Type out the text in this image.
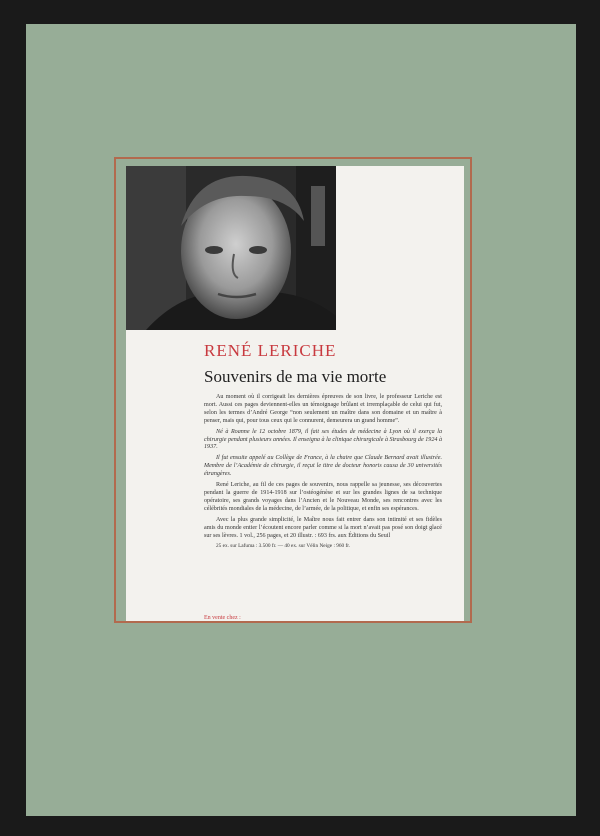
RENÉ LERICHE
Souvenirs de ma vie morte

Au moment où il corrigeait les dernières épreuves de son livre, le professeur Leriche est mort. Aussi ces pages deviennent-elles un témoignage brûlant et irremplaçable de celui qui fut, selon les termes d’André George “non seulement un maître dans son domaine et un maître à penser, mais qui, pour tous ceux qui le connurent, demeurera un grand homme”.

Né à Roanne le 12 octobre 1879, il fait ses études de médecine à Lyon où il exerça la chirurgie pendant plusieurs années. Il enseigna à la clinique chirurgicale à Strasbourg de 1924 à 1937.

Il fut ensuite appelé au Collège de France, à la chaire que Claude Bernard avait illustrée. Membre de l’Académie de chirurgie, il reçut le titre de docteur honoris causa de 30 universités étrangères.

René Leriche, au fil de ces pages de souvenirs, nous rappelle sa jeunesse, ses découvertes pendant la guerre de 1914-1918 sur l’ostéogénèse et sur les grandes lignes de sa technique opératoire, ses grands voyages dans l’Ancien et le Nouveau Monde, ses rencontres avec les célébrités mondiales de la médecine, de l’armée, de la politique, et enfin ses espérances.

Avec la plus grande simplicité, le Maître nous fait entrer dans son intimité et ses fidèles amis du monde entier l’écoutent encore parler comme si la mort n’avait pas posé son doigt glacé sur ses lèvres. 1 vol., 256 pages, et 20 illustr. : 693 frs. aux Éditions du Seuil

25 ex. sur Lafuma : 3.500 fr. — 40 ex. sur Vélin Neige : 960 fr.
En vente chez :
